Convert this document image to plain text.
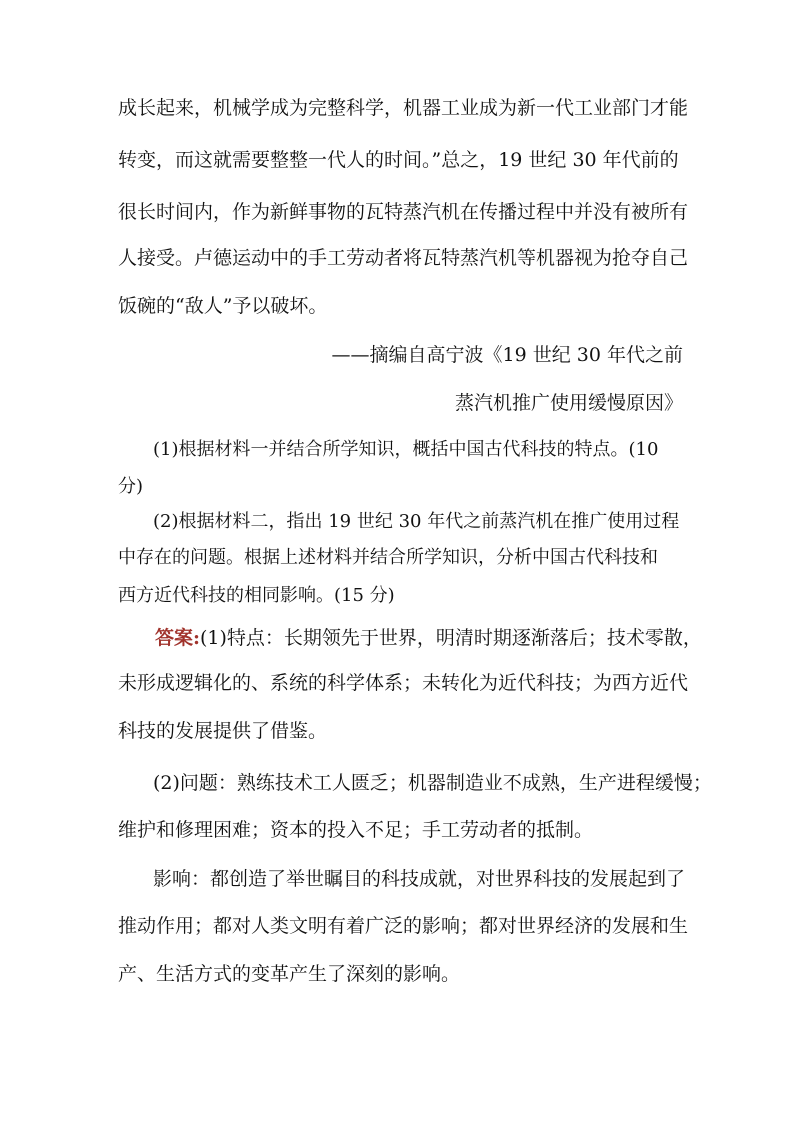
成长起来，机械学成为完整科学，机器工业成为新一代工业部门才能
转变，而这就需要整整一代人的时间。”总之，19 世纪 30 年代前的
很长时间内，作为新鲜事物的瓦特蒸汽机在传播过程中并没有被所有
人接受。卢德运动中的手工劳动者将瓦特蒸汽机等机器视为抢夺自己
饭碗的“敌人”予以破坏。
——摘编自高宁波《19 世纪 30 年代之前
蒸汽机推广使用缓慢原因》
(1)根据材料一并结合所学知识，概括中国古代科技的特点。(10
分)
(2)根据材料二，指出 19 世纪 30 年代之前蒸汽机在推广使用过程
中存在的问题。根据上述材料并结合所学知识，分析中国古代科技和
西方近代科技的相同影响。(15 分)
答案:(1)特点：长期领先于世界，明清时期逐渐落后；技术零散，
未形成逻辑化的、系统的科学体系；未转化为近代科技；为西方近代
科技的发展提供了借鉴。
(2)问题：熟练技术工人匮乏；机器制造业不成熟，生产进程缓慢；
维护和修理困难；资本的投入不足；手工劳动者的抵制。
影响：都创造了举世瞩目的科技成就，对世界科技的发展起到了
推动作用；都对人类文明有着广泛的影响；都对世界经济的发展和生
产、生活方式的变革产生了深刻的影响。
